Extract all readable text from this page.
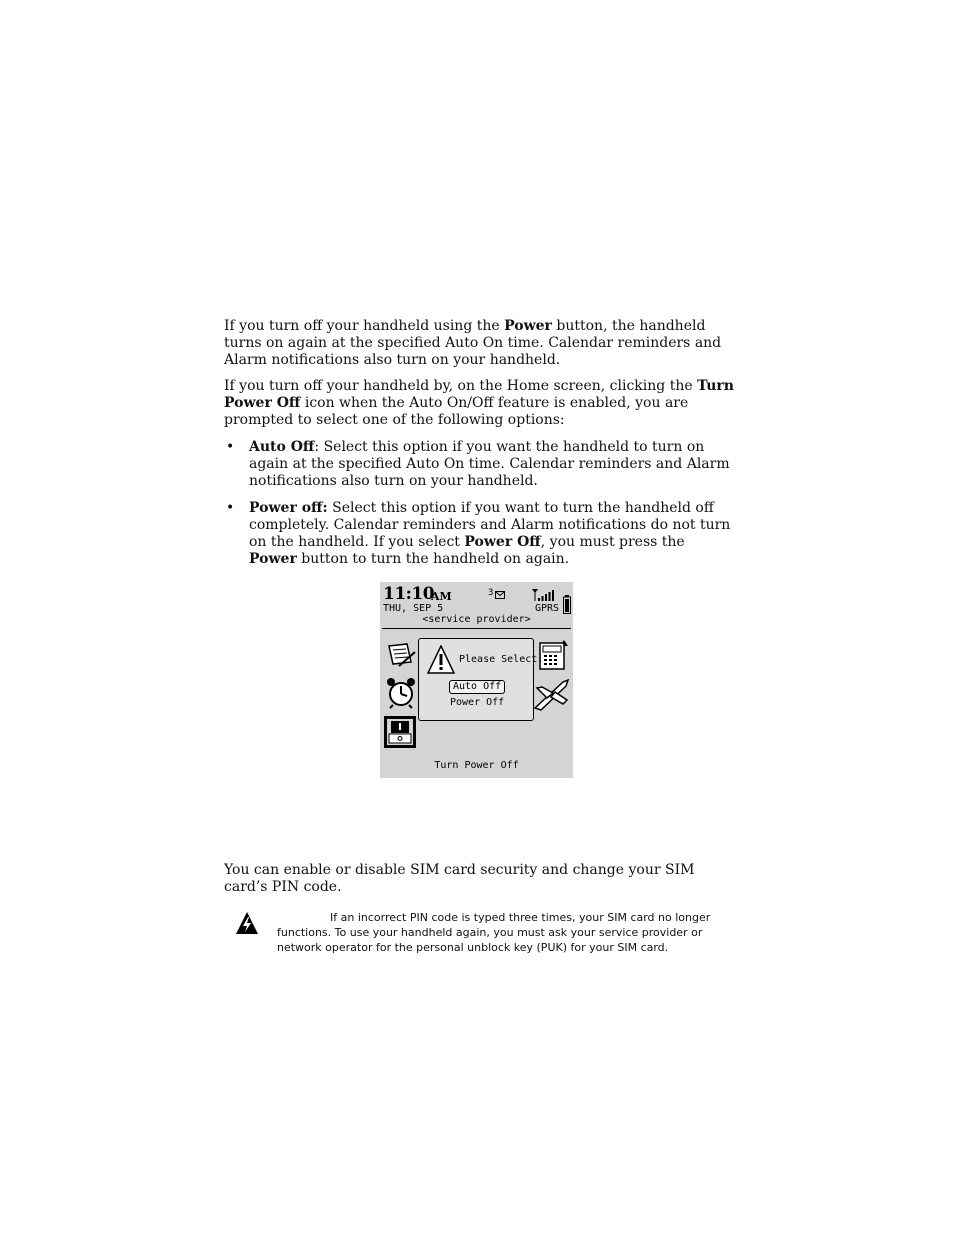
If you turn off your handheld using the Power button, the handheld turns on again at the specified Auto On time. Calendar reminders and Alarm notifications also turn on your handheld.

If you turn off your handheld by, on the Home screen, clicking the Turn Power Off icon when the Auto On/Off feature is enabled, you are prompted to select one of the following options:

• Auto Off: Select this option if you want the handheld to turn on again at the specified Auto On time. Calendar reminders and Alarm notifications also turn on your handheld.
• Power off: Select this option if you want to turn the handheld off completely. Calendar reminders and Alarm notifications do not turn on the handheld. If you select Power Off, you must press the Power button to turn the handheld on again.
11:10
AM	3
THU, SEP 5	GPRS
<service provider>
Please Select:
Auto Off
Power Off
Turn Power Off

You can enable or disable SIM card security and change your SIM card’s PIN code.

If an incorrect PIN code is typed three times, your SIM card no longer functions. To use your handheld again, you must ask your service provider or network operator for the personal unblock key (PUK) for your SIM card.
